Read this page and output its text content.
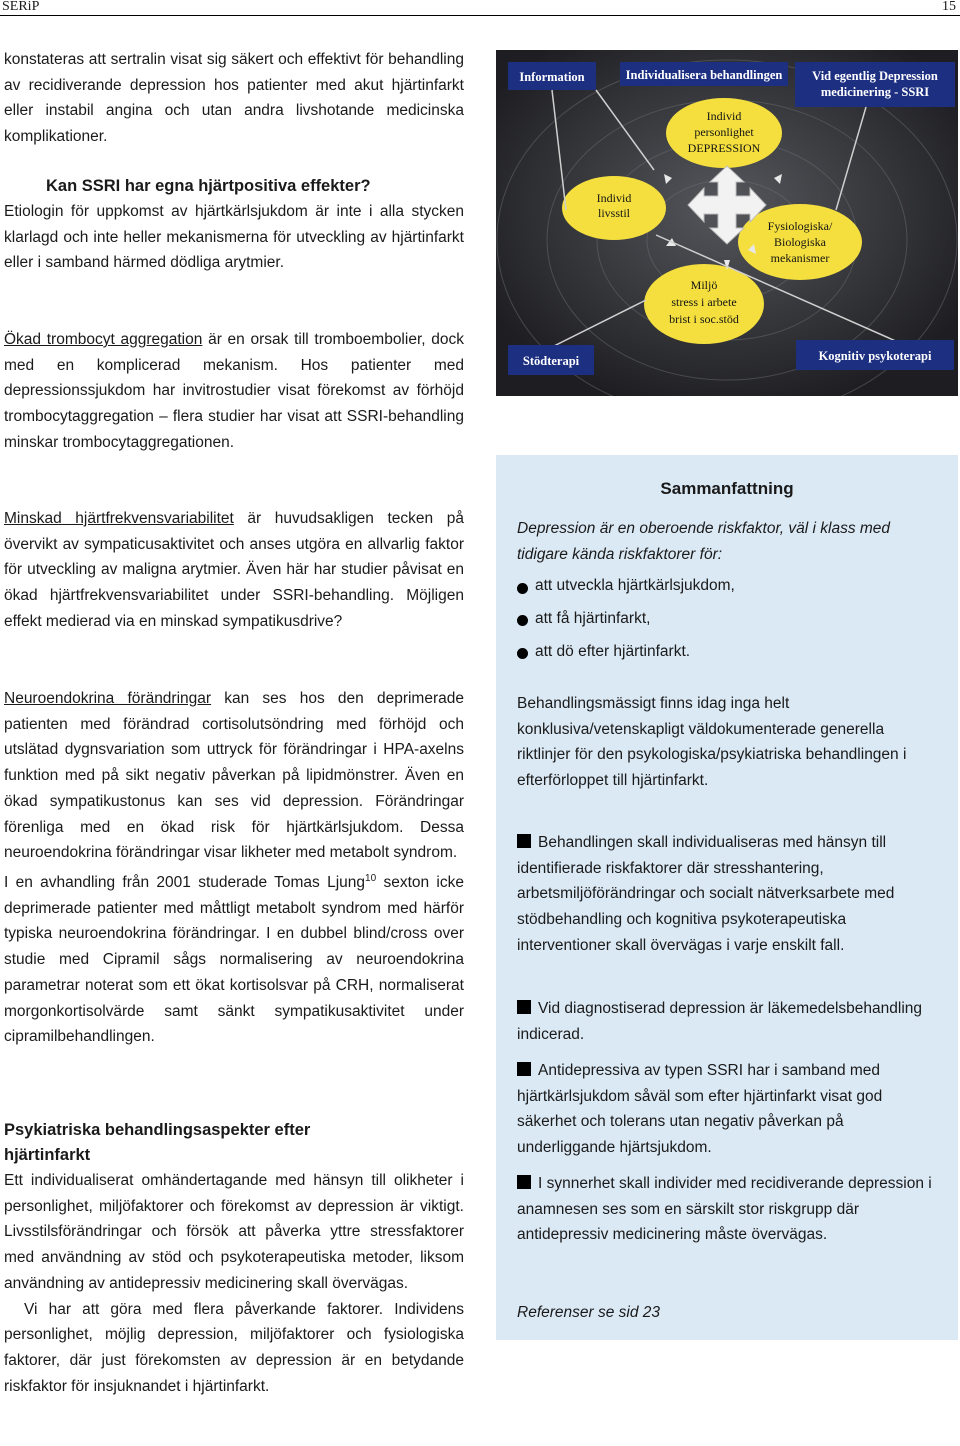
SERiP	15

konstateras att sertralin visat sig säkert och effektivt för behandling av recidiverande depression hos patienter med akut hjärtinfarkt eller instabil angina och utan andra livshotande medicinska komplikationer.

Kan SSRI har egna hjärtpositiva effekter?

Etiologin för uppkomst av hjärtkärlsjukdom är inte i alla stycken klarlagd och inte heller mekanismerna för utveckling av hjärtinfarkt eller i samband härmed dödliga arytmier.

Ökad trombocyt aggregation är en orsak till tromboembolier, dock med en komplicerad mekanism. Hos patienter med depressionssjukdom har invitrostudier visat förekomst av förhöjd trombocytaggregation – flera studier har visat att SSRI-behandling minskar trombocytaggregationen.

Minskad hjärtfrekvensvariabilitet är huvudsakligen tecken på övervikt av sympaticusaktivitet och anses utgöra en allvarlig faktor för utveckling av maligna arytmier. Även här har studier påvisat en ökad hjärtfrekvensvariabilitet under SSRI-behandling. Möjligen effekt medierad via en minskad sympatikusdrive?

Neuroendokrina förändringar kan ses hos den deprimerade patienten med förändrad cortisolutsöndring med förhöjd och utslätad dygnsvariation som uttryck för förändringar i HPA-axelns funktion med på sikt negativ påverkan på lipidmönstrer. Även en ökad sympatikustonus kan ses vid depression. Förändringar förenliga med en ökad risk för hjärtkärlsjukdom. Dessa neuroendokrina förändringar visar likheter med metabolt syndrom.

I en avhandling från 2001 studerade Tomas Ljung$^{10}$ sexton icke deprimerade patienter med måttligt metabolt syndrom med härför typiska neuroendokrina förändringar. I en dubbel blind/cross over studie med Cipramil sågs normalisering av neuroendokrina parametrar noterat som ett ökat kortisolsvar på CRH, normaliserat morgonkortisolvärde samt sänkt sympatikusaktivitet under cipramilbehandlingen.

Psykiatriska behandlingsaspekter efter hjärtinfarkt

Ett individualiserat omhändertagande med hänsyn till olikheter i personlighet, miljöfaktorer och förekomst av depression är viktigt. Livsstilsförändringar och försök att påverka yttre stressfaktorer med användning av stöd och psykoterapeutiska metoder, liksom användning av antidepressiv medicinering skall övervägas.

Vi har att göra med flera påverkande faktorer. Individens personlighet, möjlig depression, miljöfaktorer och fysiologiska faktorer, där just förekomsten av depression är en betydande riskfaktor för insjuknandet i hjärtinfarkt.

Information	Individualisera behandlingen Vid egentlig Depression
medicinering - SSRI
Individ
personlighet
DEPRESSION
Individ
livsstil
Fysiologiska/
Biologiska
mekanismer
Miljö
stress i arbete
brist i soc.stöd
Stödterapi	Kognitiv psykoterapi
Sammanfattning
Depression är en oberoende riskfaktor, väl i klass med tidigare kända riskfaktorer för:
att utveckla hjärtkärlsjukdom,
att få hjärtinfarkt,
att dö efter hjärtinfarkt.
Behandlingsmässigt finns idag inga helt konklusiva/vetenskapligt väldokumenterade generella riktlinjer för den psykologiska/psykiatriska behandlingen i efterförloppet till hjärtinfarkt.
Behandlingen skall individualiseras med hänsyn till identifierade riskfaktorer där stresshantering, arbetsmiljöförändringar och socialt nätverksarbete med stödbehandling och kognitiva psykoterapeutiska interventioner skall övervägas i varje enskilt fall.
Vid diagnostiserad depression är läkemedelsbehandling indicerad.
Antidepressiva av typen SSRI har i samband med hjärtkärlsjukdom såväl som efter hjärtinfarkt visat god säkerhet och tolerans utan negativ påverkan på underliggande hjärtsjukdom.
I synnerhet skall individer med recidiverande depression i anamnesen ses som en särskilt stor riskgrupp där antidepressiv medicinering måste övervägas.
Referenser se sid 23
